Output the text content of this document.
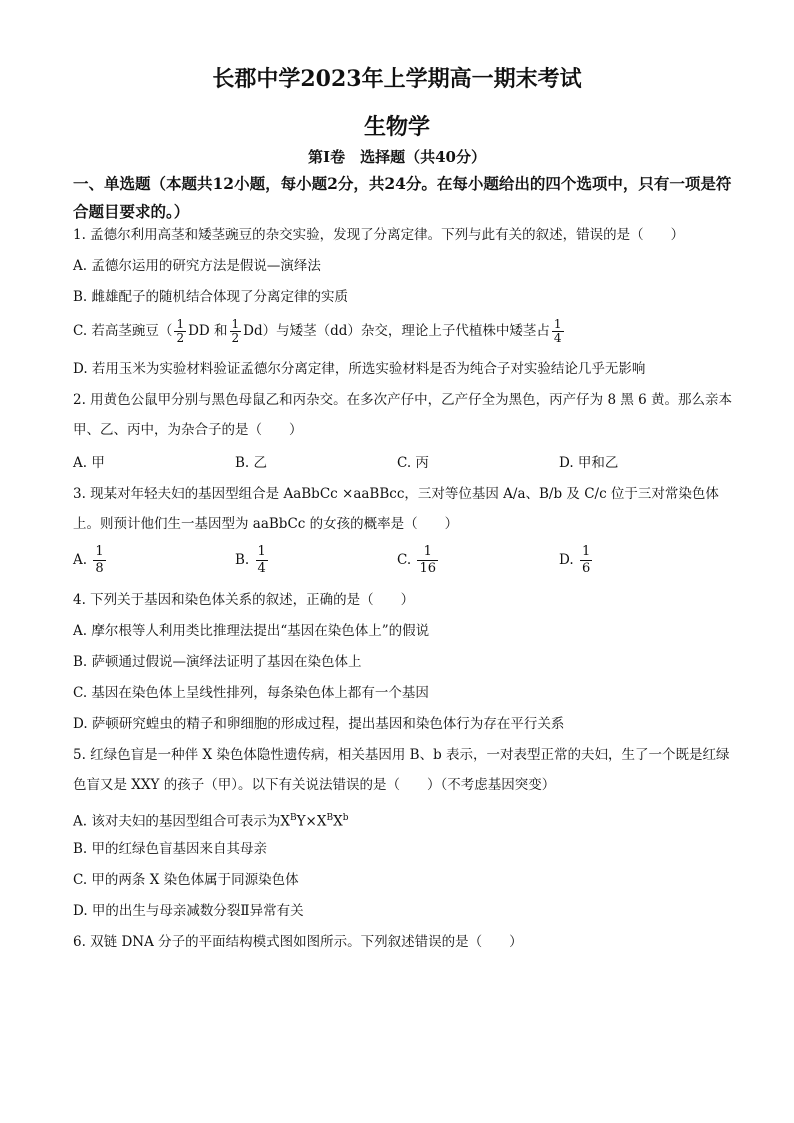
长郡中学2023年上学期高一期末考试
生物学
第Ⅰ卷　选择题（共40分）
一、单选题（本题共12小题，每小题2分，共24分。在每小题给出的四个选项中，只有一项是符合题目要求的。）
1. 孟德尔利用高茎和矮茎豌豆的杂交实验，发现了分离定律。下列与此有关的叙述，错误的是（　　）
A. 孟德尔运用的研究方法是假说—演绎法
B. 雌雄配子的随机结合体现了分离定律的实质
C. 若高茎豌豆（ $\frac{1}{2}$ DD 和 $\frac{1}{2} Dd$）与矮茎（dd）杂交，理论上子代植株中矮茎占 $\frac{1}{4}$
D. 若用玉米为实验材料验证孟德尔分离定律，所选实验材料是否为纯合子对实验结论几乎无影响
2. 用黄色公鼠甲分别与黑色母鼠乙和丙杂交。在多次产仔中，乙产仔全为黑色，丙产仔为 8 黑 6 黄。那么亲本甲、乙、丙中，为杂合子的是（　　）
A. 甲	B. 乙	C. 丙	D. 甲和乙
3. 现某对年轻夫妇的基因型组合是 AaBbCc ×aaBBcc，三对等位基因 A/a、B/b 及 C/c 位于三对常染色体上。则预计他们生一基因型为 aaBbCc 的女孩的概率是（　　）
A. $\frac{1}{8}$	B. $\frac{1}{4}$	C. $\frac{1}{16}$	D. $\frac{1}{6}$
4. 下列关于基因和染色体关系的叙述，正确的是（　　）
A. 摩尔根等人利用类比推理法提出“基因在染色体上”的假说
B. 萨顿通过假说—演绎法证明了基因在染色体上
C. 基因在染色体上呈线性排列，每条染色体上都有一个基因
D. 萨顿研究蝗虫的精子和卵细胞的形成过程，提出基因和染色体行为存在平行关系
5. 红绿色盲是一种伴 X 染色体隐性遗传病，相关基因用 B、b 表示，一对表型正常的夫妇，生了一个既是红绿色盲又是 XXY 的孩子（甲）。以下有关说法错误的是（　　）（不考虑基因突变）
A. 该对夫妇的基因型组合可表示为$X^BY\times X^BX^b$
B. 甲的红绿色盲基因来自其母亲
C. 甲的两条 X 染色体属于同源染色体
D. 甲的出生与母亲减数分裂Ⅱ异常有关
6. 双链 DNA 分子的平面结构模式图如图所示。下列叙述错误的是（　　）
